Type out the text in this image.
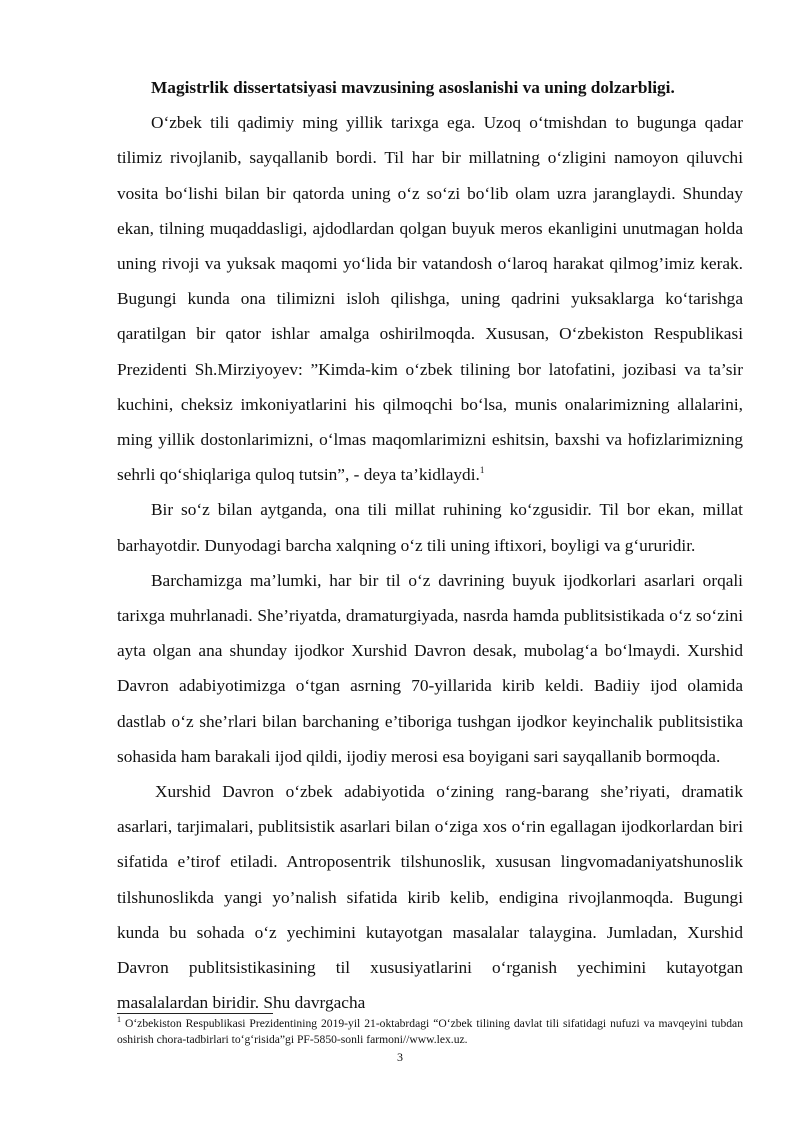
Magistrlik dissertatsiyasi mavzusining asoslanishi va uning dolzarbligi.

O‘zbek tili qadimiy ming yillik tarixga ega. Uzoq o‘tmishdan to bugunga qadar tilimiz rivojlanib, sayqallanib bordi. Til har bir millatning o‘zligini namoyon qiluvchi vosita bo‘lishi bilan bir qatorda uning o‘z so‘zi bo‘lib olam uzra jaranglaydi. Shunday ekan, tilning muqaddasligi, ajdodlardan qolgan buyuk meros ekanligini unutmagan holda uning rivoji va yuksak maqomi yo‘lida bir vatandosh o‘laroq harakat qilmog’imiz kerak. Bugungi kunda ona tilimizni isloh qilishga, uning qadrini yuksaklarga ko‘tarishga qaratilgan bir qator ishlar amalga oshirilmoqda. Xususan, O‘zbekiston Respublikasi Prezidenti Sh.Mirziyoyev: ”Kimda-kim o‘zbek tilining bor latofatini, jozibasi va ta’sir kuchini, cheksiz imkoniyatlarini his qilmoqchi bo‘lsa, munis onalarimizning allalarini, ming yillik dostonlarimizni, o‘lmas maqomlarimizni eshitsin, baxshi va hofizlarimizning sehrli qo‘shiqlariga quloq tutsin”, - deya ta’kidlaydi.$^1$

Bir so‘z bilan aytganda, ona tili millat ruhining ko‘zgusidir. Til bor ekan, millat barhayotdir. Dunyodagi barcha xalqning o‘z tili uning iftixori, boyligi va g‘ururidir.

Barchamizga ma’lumki, har bir til o‘z davrining buyuk ijodkorlari asarlari orqali tarixga muhrlanadi. She’riyatda, dramaturgiyada, nasrda hamda publitsistikada o‘z so‘zini ayta olgan ana shunday ijodkor Xurshid Davron desak, mubolag‘a bo‘lmaydi. Xurshid Davron adabiyotimizga o‘tgan asrning 70-yillarida kirib keldi. Badiiy ijod olamida dastlab o‘z she’rlari bilan barchaning e’tiboriga tushgan ijodkor keyinchalik publitsistika sohasida ham barakali ijod qildi, ijodiy merosi esa boyigani sari sayqallanib bormoqda.

Xurshid Davron o‘zbek adabiyotida o‘zining rang-barang she’riyati, dramatik asarlari, tarjimalari, publitsistik asarlari bilan o‘ziga xos o‘rin egallagan ijodkorlardan biri sifatida e’tirof etiladi. Antroposentrik tilshunoslik, xususan lingvomadaniyatshunoslik tilshunoslikda yangi yo’nalish sifatida kirib kelib, endigina rivojlanmoqda. Bugungi kunda bu sohada o‘z yechimini kutayotgan masalalar talaygina. Jumladan, Xurshid Davron publitsistikasining til xususiyatlarini o‘rganish yechimini kutayotgan masalalardan biridir. Shu davrgacha

$^1$ O‘zbekiston Respublikasi Prezidentining 2019-yil 21-oktabrdagi “O‘zbek tilining davlat tili sifatidagi nufuzi va mavqeyini tubdan oshirish chora-tadbirlari to‘g‘risida”gi PF-5850-sonli farmoni//www.lex.uz.
3
